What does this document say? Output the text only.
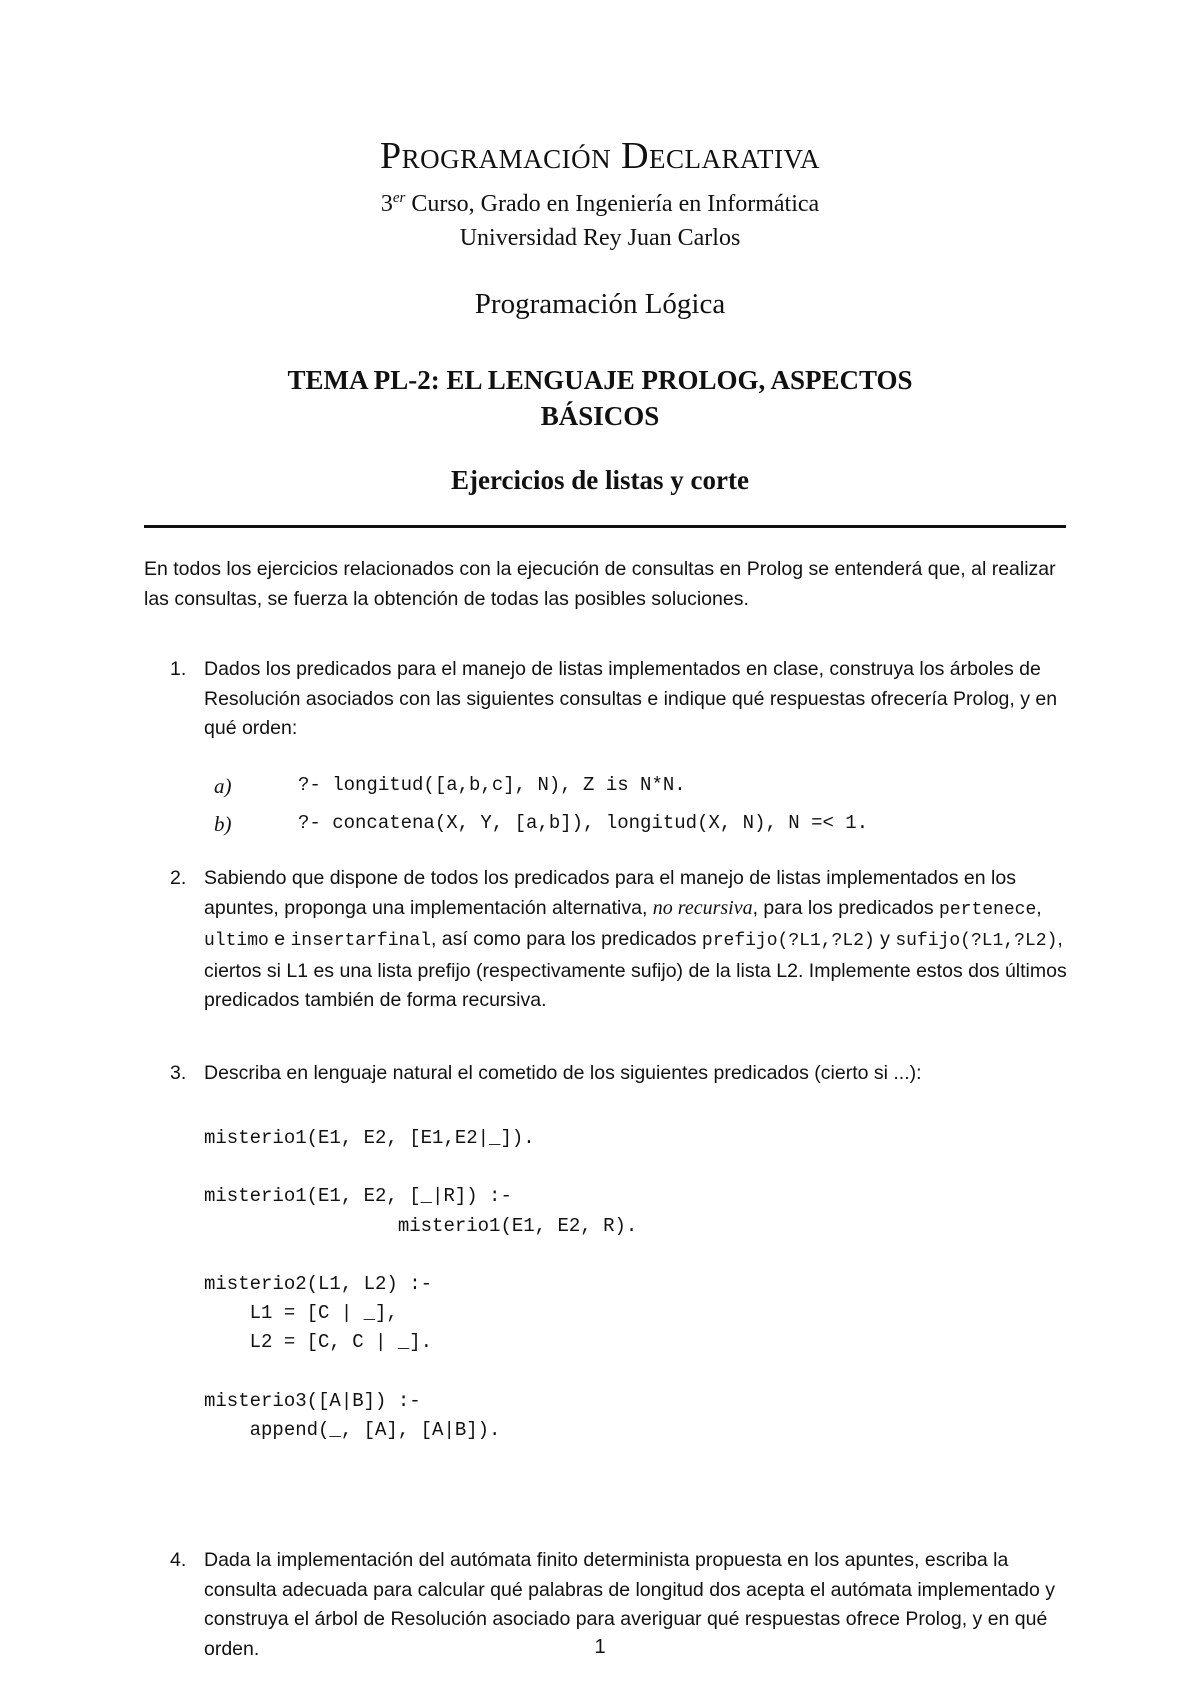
Programación Declarativa
3er Curso, Grado en Ingeniería en Informática
Universidad Rey Juan Carlos
Programación Lógica
TEMA PL-2: EL LENGUAJE PROLOG, ASPECTOS
BÁSICOS
Ejercicios de listas y corte
En todos los ejercicios relacionados con la ejecución de consultas en Prolog se entenderá que, al realizar las consultas, se fuerza la obtención de todas las posibles soluciones.
1. Dados los predicados para el manejo de listas implementados en clase, construya los árboles de Resolución asociados con las siguientes consultas e indique qué respuestas ofrecería Prolog, y en qué orden:
a)	?- longitud([a,b,c], N), Z is N*N.
b)	?- concatena(X, Y, [a,b]), longitud(X, N), N =< 1.
2. Sabiendo que dispone de todos los predicados para el manejo de listas implementados en los apuntes, proponga una implementación alternativa, no recursiva, para los predicados pertenece, ultimo e insertarfinal, así como para los predicados prefijo(?L1,?L2) y sufijo(?L1,?L2), ciertos si L1 es una lista prefijo (respectivamente sufijo) de la lista L2. Implemente estos dos últimos predicados también de forma recursiva.
3. Describa en lenguaje natural el cometido de los siguientes predicados (cierto si ...):
misterio1(E1, E2, [E1,E2|_]).

misterio1(E1, E2, [_|R]) :-
misterio1(E1, E2, R).

misterio2(L1, L2) :-
L1 = [C | _],
L2 = [C, C | _].

misterio3([A|B]) :-
append(_, [A], [A|B]).
4. Dada la implementación del autómata finito determinista propuesta en los apuntes, escriba la consulta adecuada para calcular qué palabras de longitud dos acepta el autómata implementado y construya el árbol de Resolución asociado para averiguar qué respuestas ofrece Prolog, y en qué orden.	1
